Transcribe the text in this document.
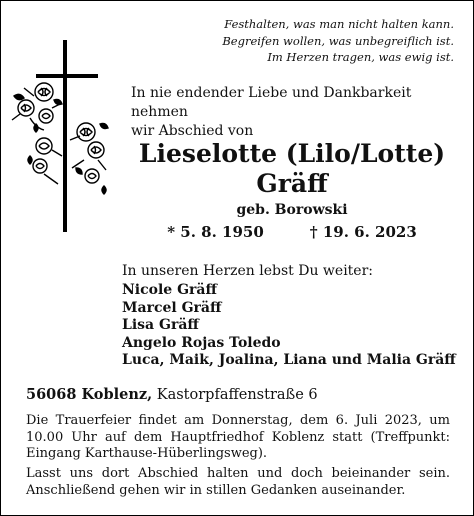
Festhalten, was man nicht halten kann.
Begreifen wollen, was unbegreiflich ist.
Im Herzen tragen, was ewig ist.
In nie endender Liebe und Dankbarkeit nehmen
wir Abschied von
Lieselotte (Lilo/Lotte)
Gräff
geb. Borowski
* 5. 8. 1950	† 19. 6. 2023
In unseren Herzen lebst Du weiter:
Nicole Gräff
Marcel Gräff
Lisa Gräff
Angelo Rojas Toledo
Luca, Maik, Joalina, Liana und Malia Gräff
56068 Koblenz, Kastorpfaffenstraße 6
Die Trauerfeier findet am Donnerstag, dem 6. Juli 2023, um 10.00 Uhr auf dem Hauptfriedhof Koblenz statt (Treffpunkt: Eingang Karthause-Hüberlingsweg).
Lasst uns dort Abschied halten und doch beieinander sein. Anschließend gehen wir in stillen Gedanken auseinander.
